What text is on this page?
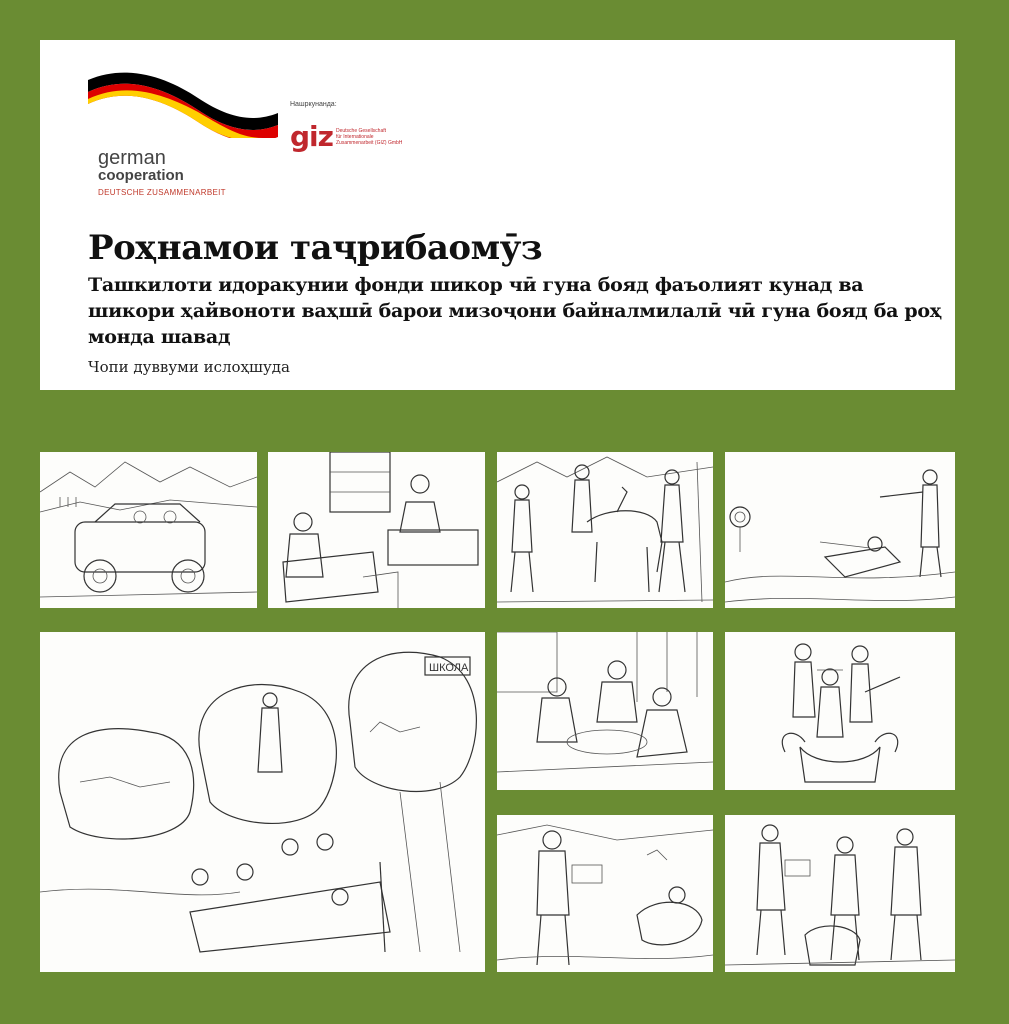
german
cooperation
DEUTSCHE ZUSAMMENARBEIT
Нашркунанда:
giz Deutsche Gesellschaft
für Internationale
Zusammenarbeit (GIZ) GmbH
Роҳнамои таҷрибаомӯз
Ташкилоти идоракунии фонди шикор чӣ гуна бояд фаъолият кунад ва шикори ҳайвоноти ваҳшӣ барои мизоҷони байналмилалӣ чӣ гуна бояд ба роҳ монда шавад
Чопи дуввуми ислоҳшуда
ШКОЛА
